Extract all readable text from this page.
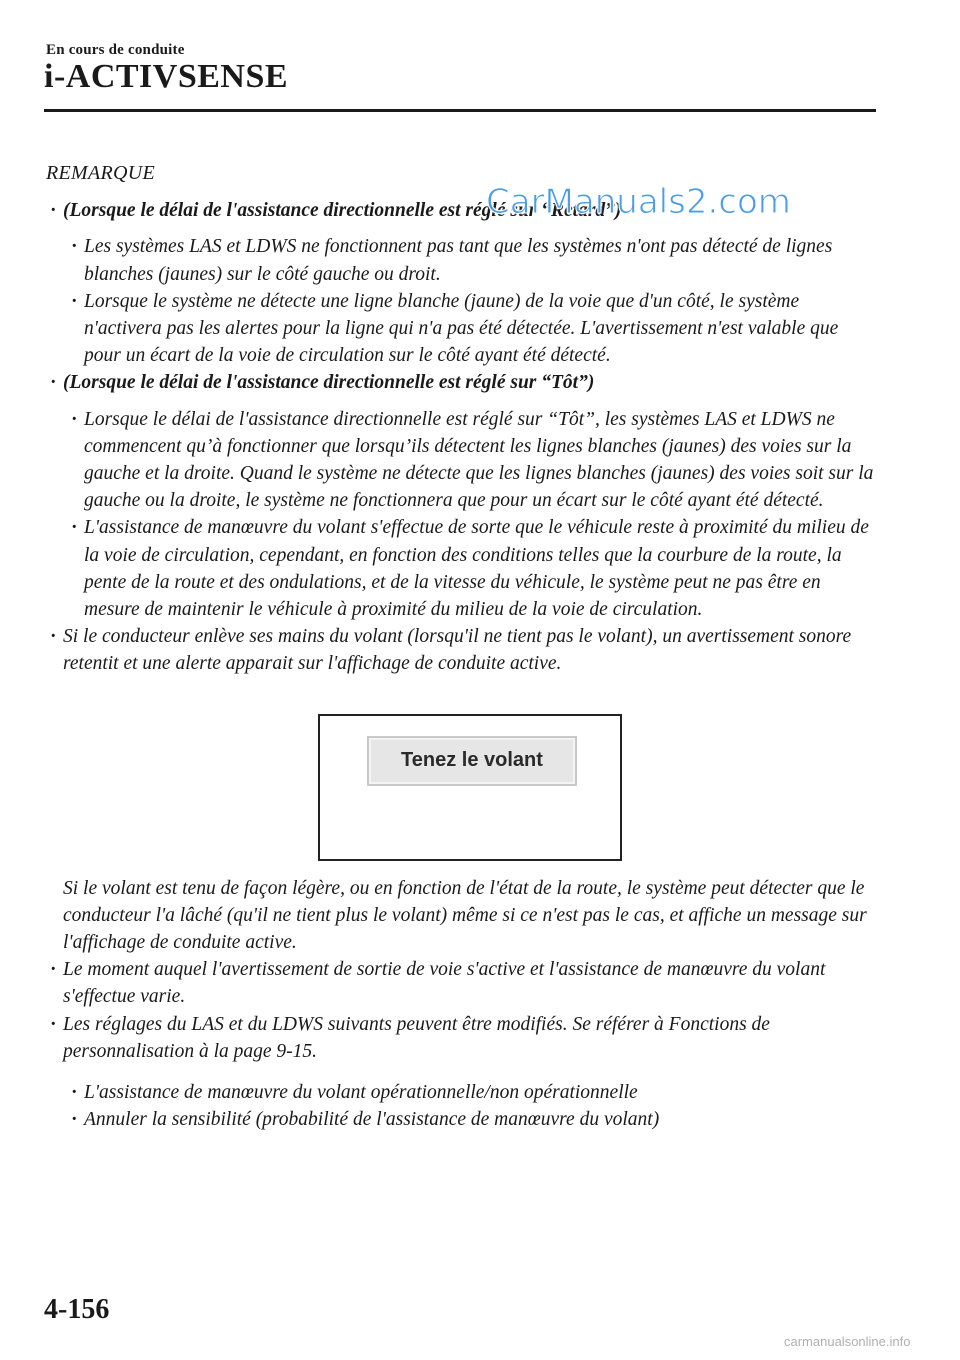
En cours de conduite
i-ACTIVSENSE
REMARQUE
· (Lorsque le délai de l'assistance directionnelle est réglé sur “Retard”)
· Les systèmes LAS et LDWS ne fonctionnent pas tant que les systèmes n'ont pas détecté de lignes blanches (jaunes) sur le côté gauche ou droit.
· Lorsque le système ne détecte une ligne blanche (jaune) de la voie que d'un côté, le système n'activera pas les alertes pour la ligne qui n'a pas été détectée. L'avertissement n'est valable que pour un écart de la voie de circulation sur le côté ayant été détecté.
· (Lorsque le délai de l'assistance directionnelle est réglé sur “Tôt”)
· Lorsque le délai de l'assistance directionnelle est réglé sur “Tôt”, les systèmes LAS et LDWS ne commencent qu’à fonctionner que lorsqu’ils détectent les lignes blanches (jaunes) des voies sur la gauche et la droite. Quand le système ne détecte que les lignes blanches (jaunes) des voies soit sur la gauche ou la droite, le système ne fonctionnera que pour un écart sur le côté ayant été détecté.
· L'assistance de manœuvre du volant s'effectue de sorte que le véhicule reste à proximité du milieu de la voie de circulation, cependant, en fonction des conditions telles que la courbure de la route, la pente de la route et des ondulations, et de la vitesse du véhicule, le système peut ne pas être en mesure de maintenir le véhicule à proximité du milieu de la voie de circulation.
· Si le conducteur enlève ses mains du volant (lorsqu'il ne tient pas le volant), un avertissement sonore retentit et une alerte apparait sur l'affichage de conduite active.
Tenez le volant
Si le volant est tenu de façon légère, ou en fonction de l'état de la route, le système peut détecter que le conducteur l'a lâché (qu'il ne tient plus le volant) même si ce n'est pas le cas, et affiche un message sur l'affichage de conduite active.
· Le moment auquel l'avertissement de sortie de voie s'active et l'assistance de manœuvre du volant s'effectue varie.
· Les réglages du LAS et du LDWS suivants peuvent être modifiés. Se référer à Fonctions de personnalisation à la page 9-15.
· L'assistance de manœuvre du volant opérationnelle/non opérationnelle
· Annuler la sensibilité (probabilité de l'assistance de manœuvre du volant)
CarManuals2.com
4-156
carmanualsonline.info
